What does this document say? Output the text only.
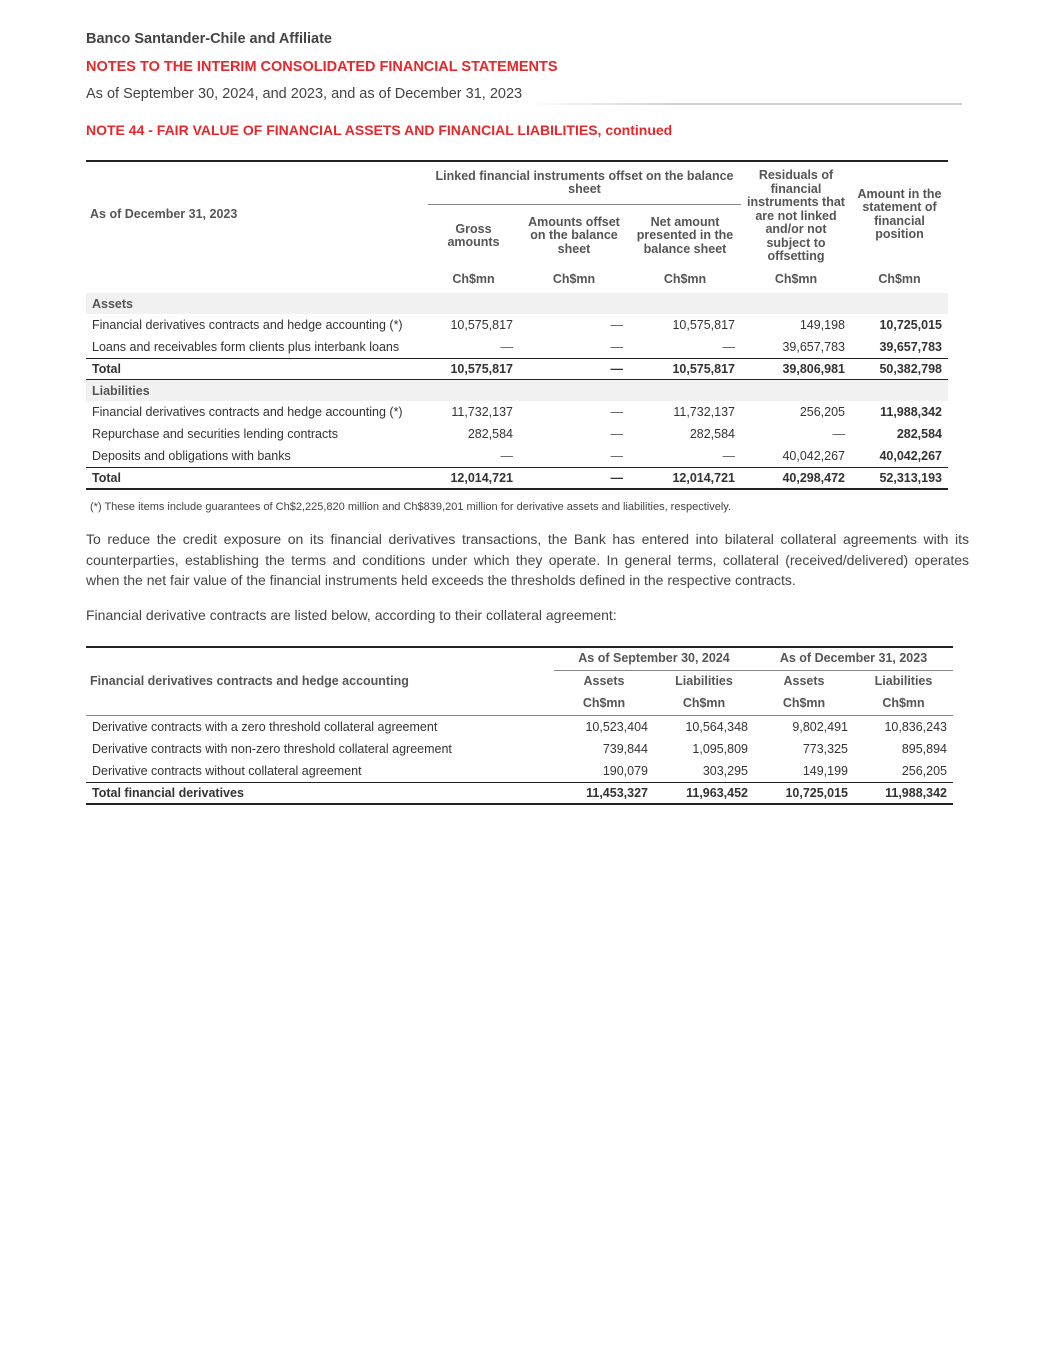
Banco Santander-Chile and Affiliate
NOTES TO THE INTERIM CONSOLIDATED FINANCIAL STATEMENTS
As of September 30, 2024, and 2023, and as of December 31, 2023
NOTE 44 - FAIR VALUE OF FINANCIAL ASSETS AND FINANCIAL LIABILITIES, continued
As of December 31, 2023	Linked financial instruments offset on the balance sheet			Residuals of financial instruments that are not linked and/or not subject to offsetting	Amount in the statement of financial position
	Gross amounts	Amounts offset on the balance sheet	Net amount presented in the balance sheet		
	Ch$mn	Ch$mn	Ch$mn	Ch$mn	Ch$mn
Assets					
Financial derivatives contracts and hedge accounting (*)	10,575,817	—	10,575,817	149,198	10,725,015
Loans and receivables form clients plus interbank loans	—	—	—	39,657,783	39,657,783
Total	10,575,817	—	10,575,817	39,806,981	50,382,798
Liabilities					
Financial derivatives contracts and hedge accounting (*)	11,732,137	—	11,732,137	256,205	11,988,342
Repurchase and securities lending contracts	282,584	—	282,584	—	282,584
Deposits and obligations with banks	—	—	—	40,042,267	40,042,267
Total	12,014,721	—	12,014,721	40,298,472	52,313,193
(*) These items include guarantees of Ch$2,225,820 million and Ch$839,201 million for derivative assets and liabilities, respectively.
To reduce the credit exposure on its financial derivatives transactions, the Bank has entered into bilateral collateral agreements with its counterparties, establishing the terms and conditions under which they operate. In general terms, collateral (received/delivered) operates when the net fair value of the financial instruments held exceeds the thresholds defined in the respective contracts.
Financial derivative contracts are listed below, according to their collateral agreement:
Financial derivatives contracts and hedge accounting	As of September 30, 2024		As of December 31, 2023	
	Assets	Liabilities	Assets	Liabilities
	Ch$mn	Ch$mn	Ch$mn	Ch$mn
Derivative contracts with a zero threshold collateral agreement	10,523,404	10,564,348	9,802,491	10,836,243
Derivative contracts with non-zero threshold collateral agreement	739,844	1,095,809	773,325	895,894
Derivative contracts without collateral agreement	190,079	303,295	149,199	256,205
Total financial derivatives	11,453,327	11,963,452	10,725,015	11,988,342
